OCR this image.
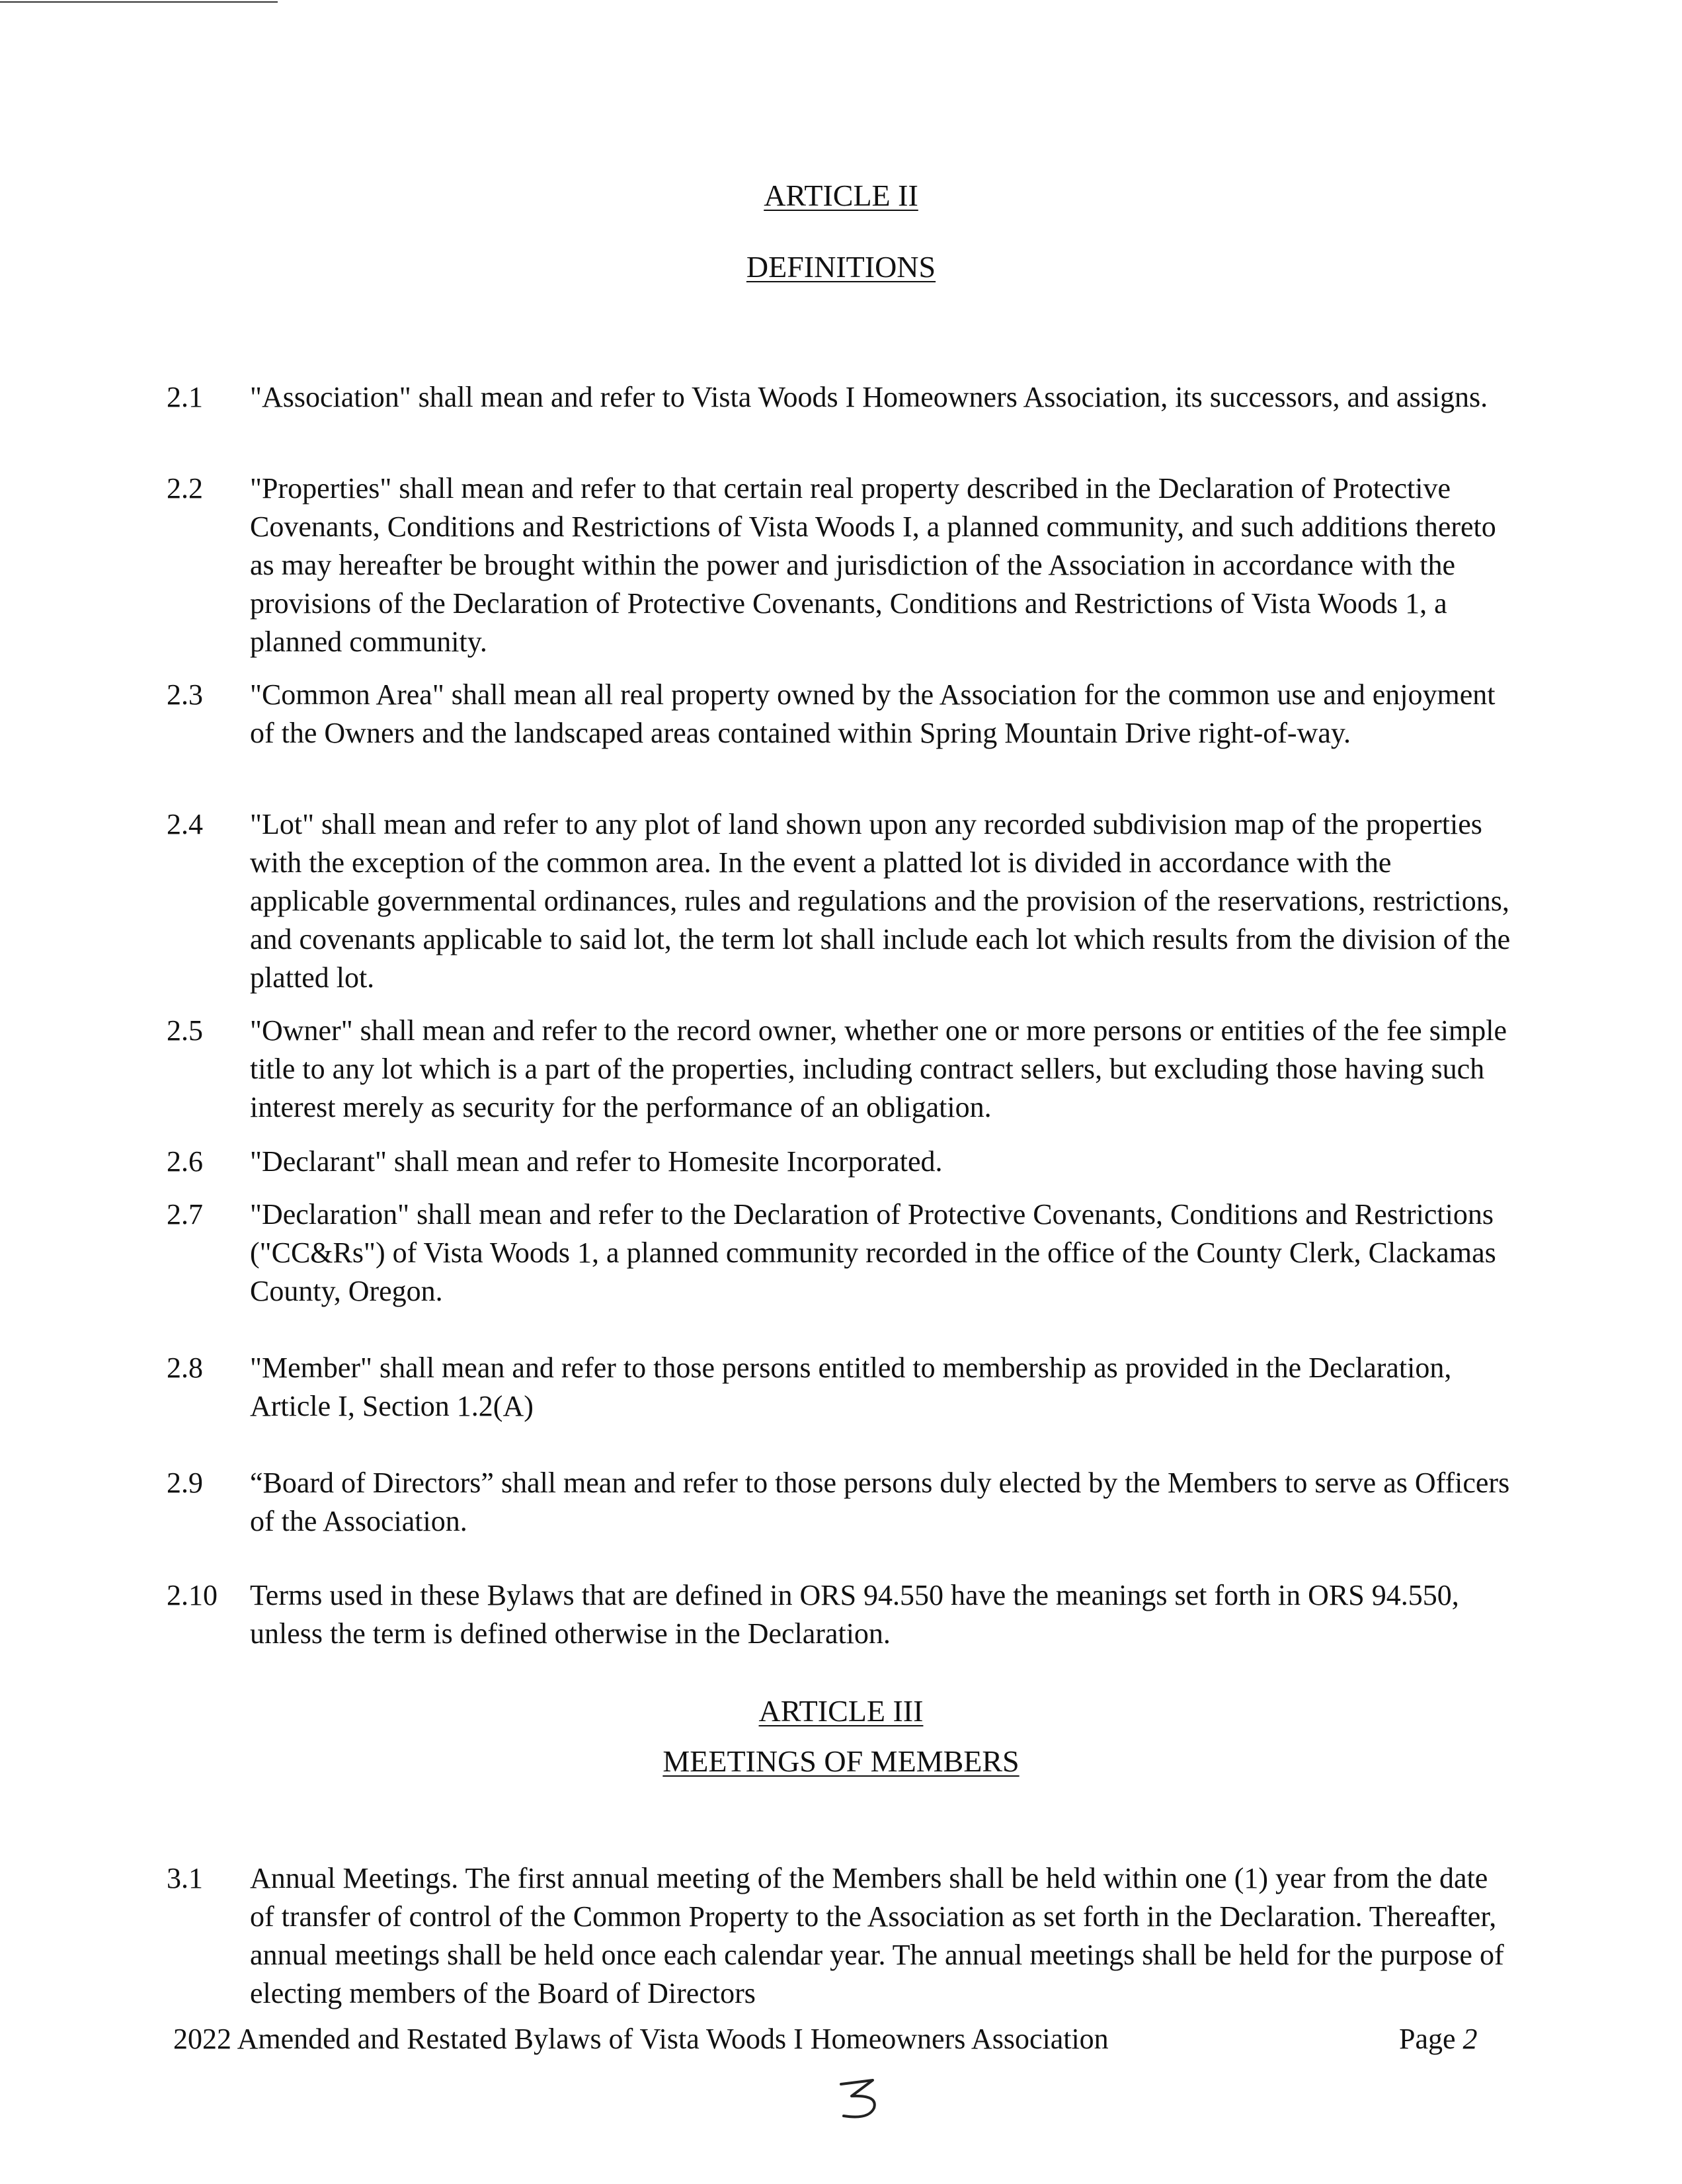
ARTICLE II
DEFINITIONS
2.1 "Association" shall mean and refer to Vista Woods I Homeowners Association, its successors, and assigns.
2.2 "Properties" shall mean and refer to that certain real property described in the Declaration of Protective Covenants, Conditions and Restrictions of Vista Woods I, a planned community, and such additions thereto as may hereafter be brought within the power and jurisdiction of the Association in accordance with the provisions of the Declaration of Protective Covenants, Conditions and Restrictions of Vista Woods 1, a planned community.
2.3 "Common Area" shall mean all real property owned by the Association for the common use and enjoyment of the Owners and the landscaped areas contained within Spring Mountain Drive right-of-way.
2.4 "Lot" shall mean and refer to any plot of land shown upon any recorded subdivision map of the properties with the exception of the common area. In the event a platted lot is divided in accordance with the applicable governmental ordinances, rules and regulations and the provision of the reservations, restrictions, and covenants applicable to said lot, the term lot shall include each lot which results from the division of the platted lot.
2.5 "Owner" shall mean and refer to the record owner, whether one or more persons or entities of the fee simple title to any lot which is a part of the properties, including contract sellers, but excluding those having such interest merely as security for the performance of an obligation.
2.6 "Declarant" shall mean and refer to Homesite Incorporated.
2.7 "Declaration" shall mean and refer to the Declaration of Protective Covenants, Conditions and Restrictions ("CC&Rs") of Vista Woods 1, a planned community recorded in the office of the County Clerk, Clackamas County, Oregon.
2.8 "Member" shall mean and refer to those persons entitled to membership as provided in the Declaration, Article I, Section 1.2(A)
2.9 “Board of Directors” shall mean and refer to those persons duly elected by the Members to serve as Officers of the Association.
2.10 Terms used in these Bylaws that are defined in ORS 94.550 have the meanings set forth in ORS 94.550, unless the term is defined otherwise in the Declaration.
ARTICLE III
MEETINGS OF MEMBERS
3.1 Annual Meetings. The first annual meeting of the Members shall be held within one (1) year from the date of transfer of control of the Common Property to the Association as set forth in the Declaration. Thereafter, annual meetings shall be held once each calendar year. The annual meetings shall be held for the purpose of electing members of the Board of Directors
2022 Amended and Restated Bylaws of Vista Woods I Homeowners Association	Page 2
